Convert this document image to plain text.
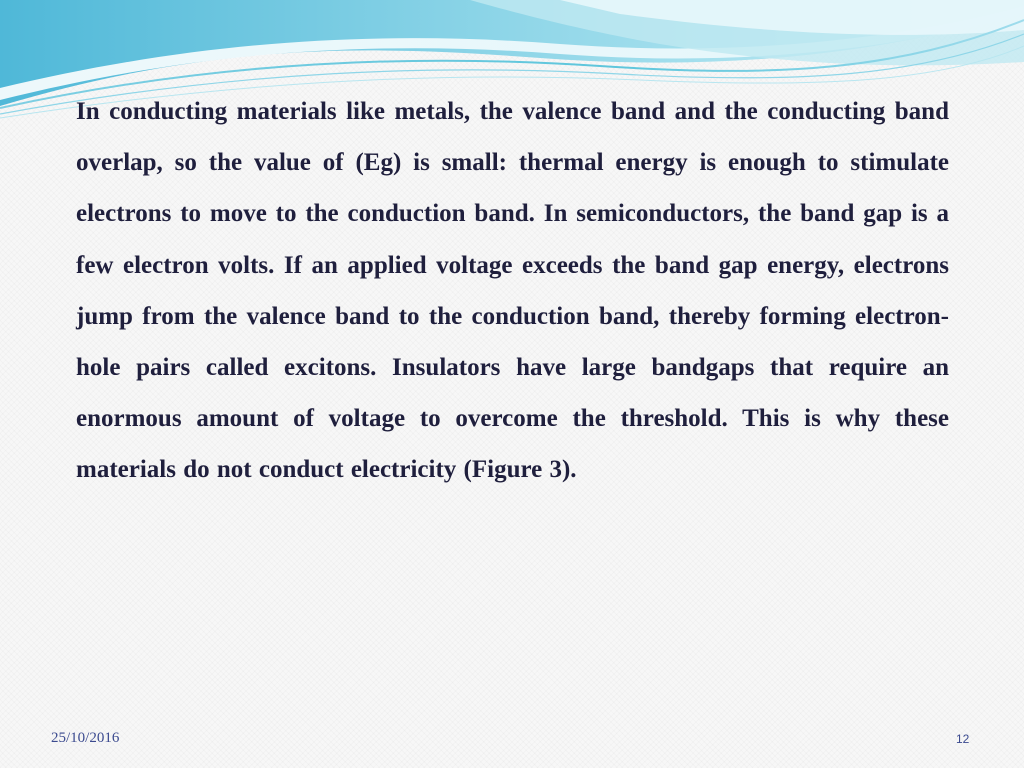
In conducting materials like metals, the valence band and the conducting band overlap, so the value of (Eg) is small: thermal energy is enough to stimulate electrons to move to the conduction band. In semiconductors, the band gap is a few electron volts. If an applied voltage exceeds the band gap energy, electrons jump from the valence band to the conduction band, thereby forming electron-hole pairs called excitons. Insulators have large bandgaps that require an enormous amount of voltage to overcome the threshold. This is why these materials do not conduct electricity (Figure 3).

25/10/2016	12
